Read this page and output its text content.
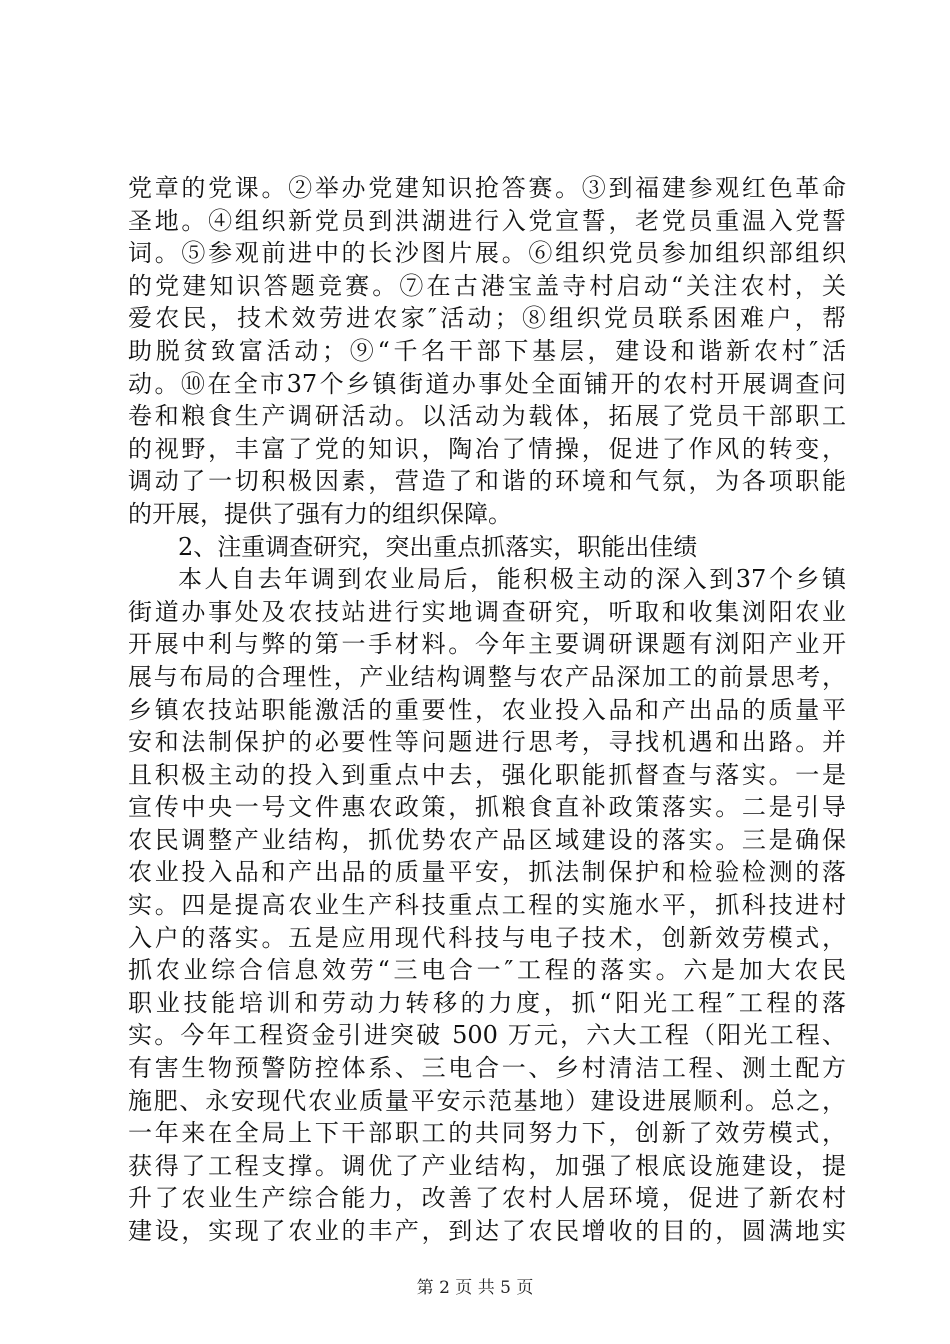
党章的党课。②举办党建知识抢答赛。③到福建参观红色革命
圣地。④组织新党员到洪湖进行入党宣誓，老党员重温入党誓
词。⑤参观前进中的长沙图片展。⑥组织党员参加组织部组织
的党建知识答题竞赛。⑦在古港宝盖寺村启动“关注农村，关
爱农民，技术效劳进农家″活动；⑧组织党员联系困难户，帮
助脱贫致富活动；⑨“千名干部下基层，建设和谐新农村″活
动。⑩在全市37个乡镇街道办事处全面铺开的农村开展调查问
卷和粮食生产调研活动。以活动为载体，拓展了党员干部职工
的视野，丰富了党的知识，陶冶了情操，促进了作风的转变，
调动了一切积极因素，营造了和谐的环境和气氛，为各项职能
的开展，提供了强有力的组织保障。
2、注重调查研究，突出重点抓落实，职能出佳绩
本人自去年调到农业局后，能积极主动的深入到37个乡镇
街道办事处及农技站进行实地调查研究，听取和收集浏阳农业
开展中利与弊的第一手材料。今年主要调研课题有浏阳产业开
展与布局的合理性，产业结构调整与农产品深加工的前景思考，
乡镇农技站职能激活的重要性，农业投入品和产出品的质量平
安和法制保护的必要性等问题进行思考，寻找机遇和出路。并
且积极主动的投入到重点中去，强化职能抓督查与落实。一是
宣传中央一号文件惠农政策，抓粮食直补政策落实。二是引导
农民调整产业结构，抓优势农产品区域建设的落实。三是确保
农业投入品和产出品的质量平安，抓法制保护和检验检测的落
实。四是提高农业生产科技重点工程的实施水平，抓科技进村
入户的落实。五是应用现代科技与电子技术，创新效劳模式，
抓农业综合信息效劳“三电合一″工程的落实。六是加大农民
职业技能培训和劳动力转移的力度，抓“阳光工程″工程的落
实。今年工程资金引进突破 500 万元，六大工程（阳光工程、
有害生物预警防控体系、三电合一、乡村清洁工程、测土配方
施肥、永安现代农业质量平安示范基地）建设进展顺利。总之，
一年来在全局上下干部职工的共同努力下，创新了效劳模式，
获得了工程支撑。调优了产业结构，加强了根底设施建设，提
升了农业生产综合能力，改善了农村人居环境，促进了新农村
建设，实现了农业的丰产，到达了农民增收的目的，圆满地实
第 2 页 共 5 页
